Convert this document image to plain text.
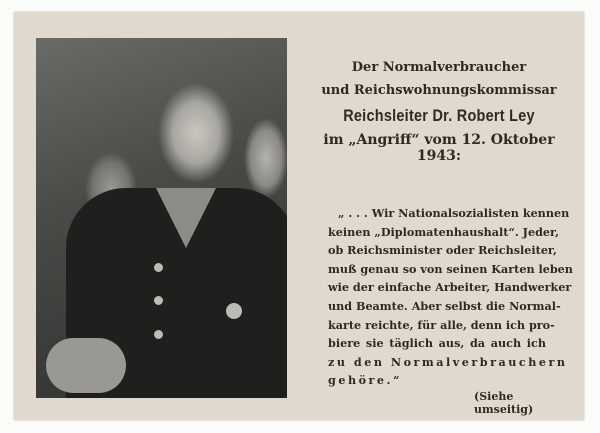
Der Normalverbraucher
und Reichswohnungskommissar
Reichsleiter Dr. Robert Ley
im „Angriff“ vom 12. Oktober 1943:
„ . . . Wir Nationalsozialisten kennen
keinen „Diplomatenhaushalt“. Jeder,
ob Reichsminister oder Reichsleiter,
muß genau so von seinen Karten leben
wie der einfache Arbeiter, Handwerker
und Beamte. Aber selbst die Normal-
karte reichte, für alle, denn ich pro-
biere sie täglich aus, da auch ich
zu den Normalverbrauchern
gehöre.“
(Siehe umseitig)
